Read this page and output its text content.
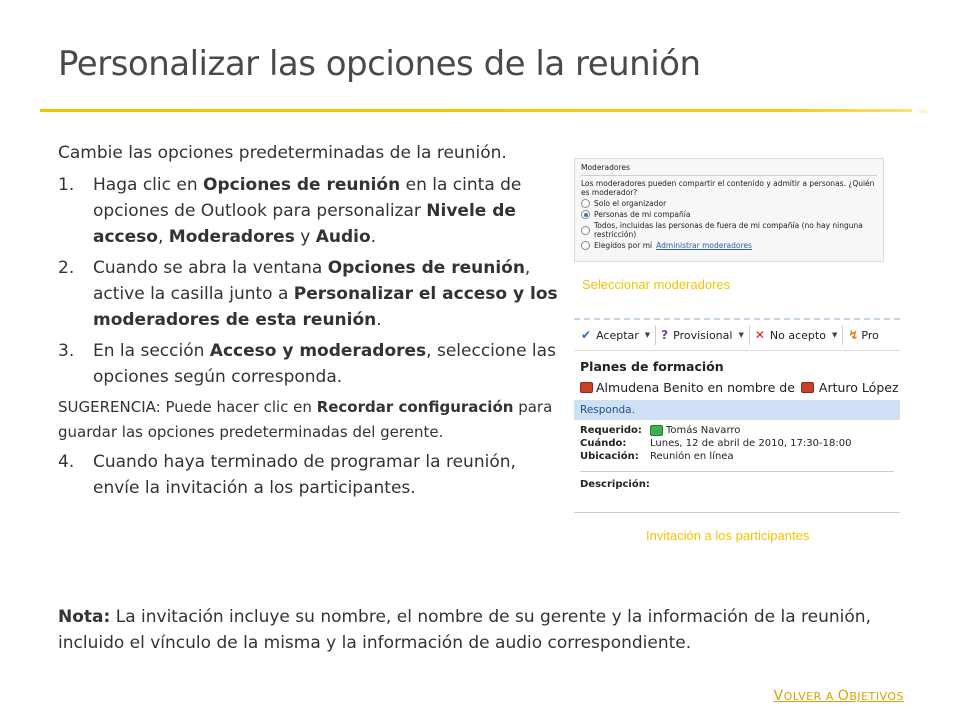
Personalizar las opciones de la reunión

Cambie las opciones predeterminadas de la reunión.

1. Haga clic en Opciones de reunión en la cinta de opciones de Outlook para personalizar Nivele de acceso, Moderadores y Audio.
2. Cuando se abra la ventana Opciones de reunión, active la casilla junto a Personalizar el acceso y los moderadores de esta reunión.
3. En la sección Acceso y moderadores, seleccione las opciones según corresponda.

SUGERENCIA: Puede hacer clic en Recordar configuración para guardar las opciones predeterminadas del gerente.

4. Cuando haya terminado de programar la reunión, envíe la invitación a los participantes.

Nota: La invitación incluye su nombre, el nombre de su gerente y la información de la reunión, incluido el vínculo de la misma y la información de audio correspondiente.

Moderadores
Los moderadores pueden compartir el contenido y admitir a personas. ¿Quién es moderador?
Solo el organizador
Personas de mi compañía
Todos, incluidas las personas de fuera de mi compañía (no hay ninguna restricción)
Elegidos por mí Administrar moderadores
Seleccionar moderadores
✔ Aceptar ▼ ? Provisional ▼ ✕ No acepto ▼ ↯ Pro
Planes de formación
Almudena Benito en nombre de Arturo López
Responda.
Requerido:	Tomás Navarro
Cuándo:	Lunes, 12 de abril de 2010, 17:30-18:00
Ubicación:	Reunión en línea
Descripción:
Invitación a los participantes
VOLVER A OBJETIVOS
